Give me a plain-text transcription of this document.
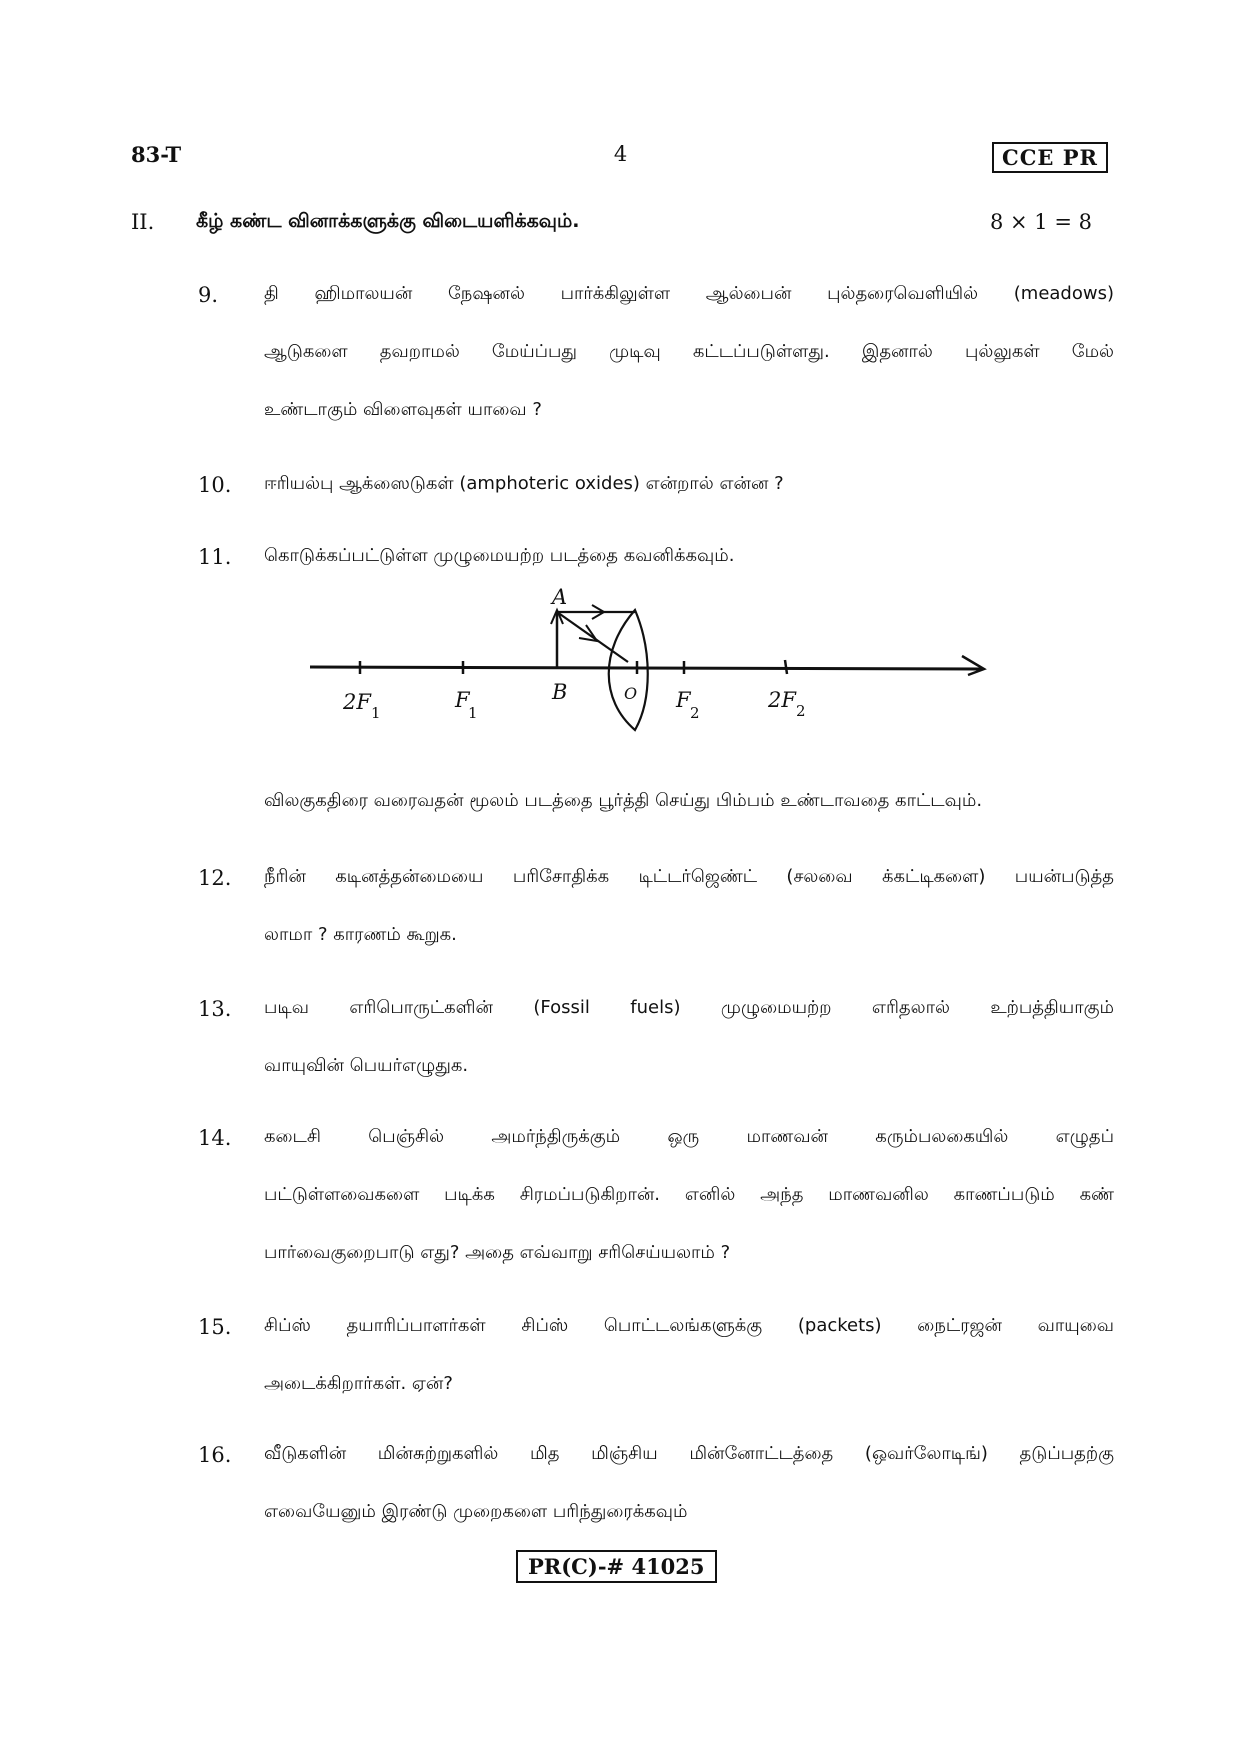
83-T	4	CCE PR
II. கீழ் கண்ட வினாக்களுக்கு விடையளிக்கவும்.	8 × 1 = 8
9.	தி ஹிமாலயன் நேஷனல் பார்க்கிலுள்ள ஆல்பைன் புல்தரைவெளியில் (meadows)
ஆடுகளை தவறாமல் மேய்ப்பது முடிவு கட்டப்படுள்ளது. இதனால் புல்லுகள் மேல்
உண்டாகும் விளைவுகள் யாவை ?
10.	ஈரியல்பு ஆக்ஸைடுகள் (amphoteric oxides) என்றால் என்ன ?
11.	கொடுக்கப்பட்டுள்ள முழுமையற்ற படத்தை கவனிக்கவும்.
A
B	O
2F 1
F
1
F
2
2F 2
விலகுகதிரை வரைவதன் மூலம் படத்தை பூர்த்தி செய்து பிம்பம் உண்டாவதை காட்டவும்.
12.	நீரின் கடினத்தன்மையை பரிசோதிக்க டிட்டர்ஜெண்ட் (சலவை க்கட்டிகளை) பயன்படுத்த
லாமா ? காரணம் கூறுக.
13.	படிவ எரிபொருட்களின் (Fossil fuels) முழுமையற்ற எரிதலால் உற்பத்தியாகும்
வாயுவின் பெயர்எழுதுக.
14.	கடைசி பெஞ்சில் அமர்ந்திருக்கும் ஒரு மாணவன் கரும்பலகையில் எழுதப்
பட்டுள்ளவைகளை படிக்க சிரமப்படுகிறான். எனில் அந்த மாணவனில காணப்படும் கண்
பார்வைகுறைபாடு எது? அதை எவ்வாறு சரிசெய்யலாம் ?
15.	சிப்ஸ் தயாரிப்பாளர்கள் சிப்ஸ் பொட்டலங்களுக்கு (packets) நைட்ரஜன் வாயுவை
அடைக்கிறார்கள். ஏன்?
16.	வீடுகளின் மின்சுற்றுகளில் மித மிஞ்சிய மின்னோட்டத்தை (ஒவர்லோடிங்) தடுப்பதற்கு
எவையேனும் இரண்டு முறைகளை பரிந்துரைக்கவும்
PR(C)-# 41025
